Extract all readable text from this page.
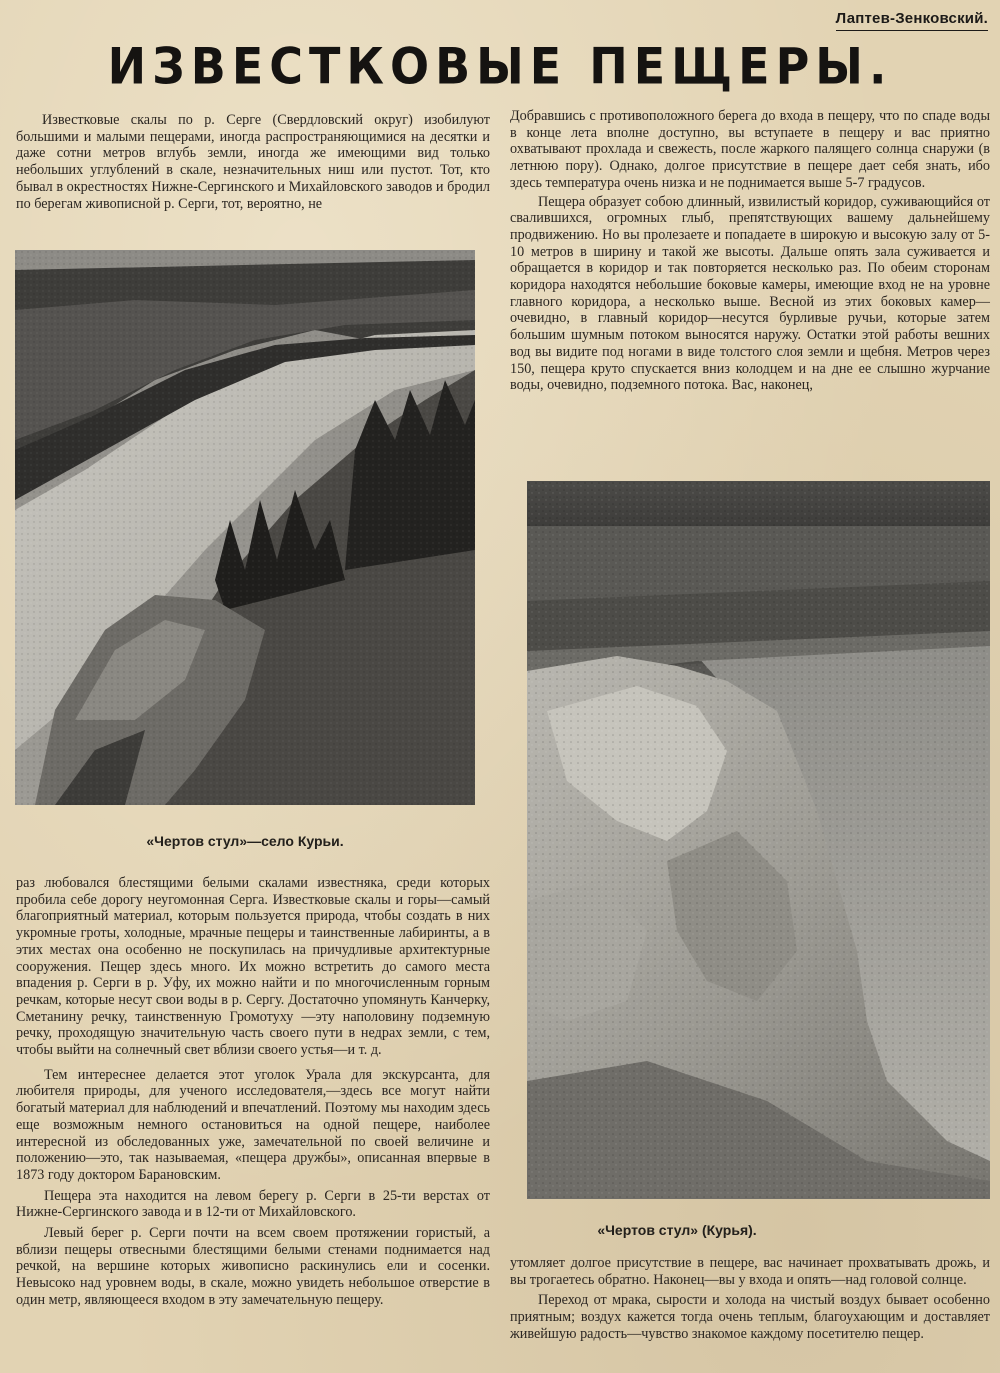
Лаптев-Зенковский.
ИЗВЕСТКОВЫЕ ПЕЩЕРЫ.
Известковые скалы по р. Серге (Свердловский округ) изобилуют большими и малыми пещерами, иногда распространяющимися на десятки и даже сотни метров вглубь земли, иногда же имеющими вид только небольших углублений в скале, незначительных ниш или пустот. Тот, кто бывал в окрестностях Нижне-Сергинского и Михайловского заводов и бродил по берегам живописной р. Серги, тот, вероятно, не
«Чертов стул»—село Курьи.

раз любовался блестящими белыми скалами известняка, среди которых пробила себе дорогу неугомонная Серга. Известковые скалы и горы—самый благоприятный материал, которым пользуется природа, чтобы создать в них укромные гроты, холодные, мрачные пещеры и таинственные лабиринты, а в этих местах она особенно не поскупилась на причудливые архитектурные сооружения. Пещер здесь много. Их можно встретить до самого места впадения р. Серги в р. Уфу, их можно найти и по многочисленным горным речкам, которые несут свои воды в р. Сергу. Достаточно упомянуть Канчерку, Сметанину речку, таинственную Громотуху —эту наполовину подземную речку, проходящую значительную часть своего пути в недрах земли, с тем, чтобы выйти на солнечный свет вблизи своего устья—и т. д.

Тем интереснее делается этот уголок Урала для экскурсанта, для любителя природы, для ученого исследователя,—здесь все могут найти богатый материал для наблюдений и впечатлений. Поэтому мы находим здесь еще возможным немного остановиться на одной пещере, наиболее интересной из обследованных уже, замечательной по своей величине и положению—это, так называемая, «пещера дружбы», описанная впервые в 1873 году доктором Барановским.

Пещера эта находится на левом берегу р. Серги в 25-ти верстах от Нижне-Сергинского завода и в 12-ти от Михайловского.

Левый берег р. Серги почти на всем своем протяжении гористый, а вблизи пещеры отвесными блестящими белыми стенами поднимается над речкой, на вершине которых живописно раскинулись ели и сосенки. Невысоко над уровнем воды, в скале, можно увидеть небольшое отверстие в один метр, являющееся входом в эту замечательную пещеру.

Добравшись с противоположного берега до входа в пещеру, что по спаде воды в конце лета вполне доступно, вы вступаете в пещеру и вас приятно охватывают прохлада и свежесть, после жаркого палящего солнца снаружи (в летнюю пору). Однако, долгое присутствие в пещере дает себя знать, ибо здесь температура очень низка и не поднимается выше 5-7 градусов.

Пещера образует собою длинный, извилистый коридор, суживающийся от свалившихся, огромных глыб, препятствующих вашему дальнейшему продвижению. Но вы пролезаете и попадаете в широкую и высокую залу от 5-10 метров в ширину и такой же высоты. Дальше опять зала суживается и обращается в коридор и так повторяется несколько раз. По обеим сторонам коридора находятся небольшие боковые камеры, имеющие вход не на уровне главного коридора, а несколько выше. Весной из этих боковых камер—очевидно, в главный коридор—несутся бурливые ручьи, которые затем большим шумным потоком выносятся наружу. Остатки этой работы вешних вод вы видите под ногами в виде толстого слоя земли и щебня. Метров через 150, пещера круто спускается вниз колодцем и на дне ее слышно журчание воды, очевидно, подземного потока. Вас, наконец,

«Чертов стул» (Курья).

утомляет долгое присутствие в пещере, вас начинает прохватывать дрожь, и вы трогаетесь обратно. Наконец—вы у входа и опять—над головой солнце.

Переход от мрака, сырости и холода на чистый воздух бывает особенно приятным; воздух кажется тогда очень теплым, благоухающим и доставляет живейшую радость—чувство знакомое каждому посетителю пещер.
